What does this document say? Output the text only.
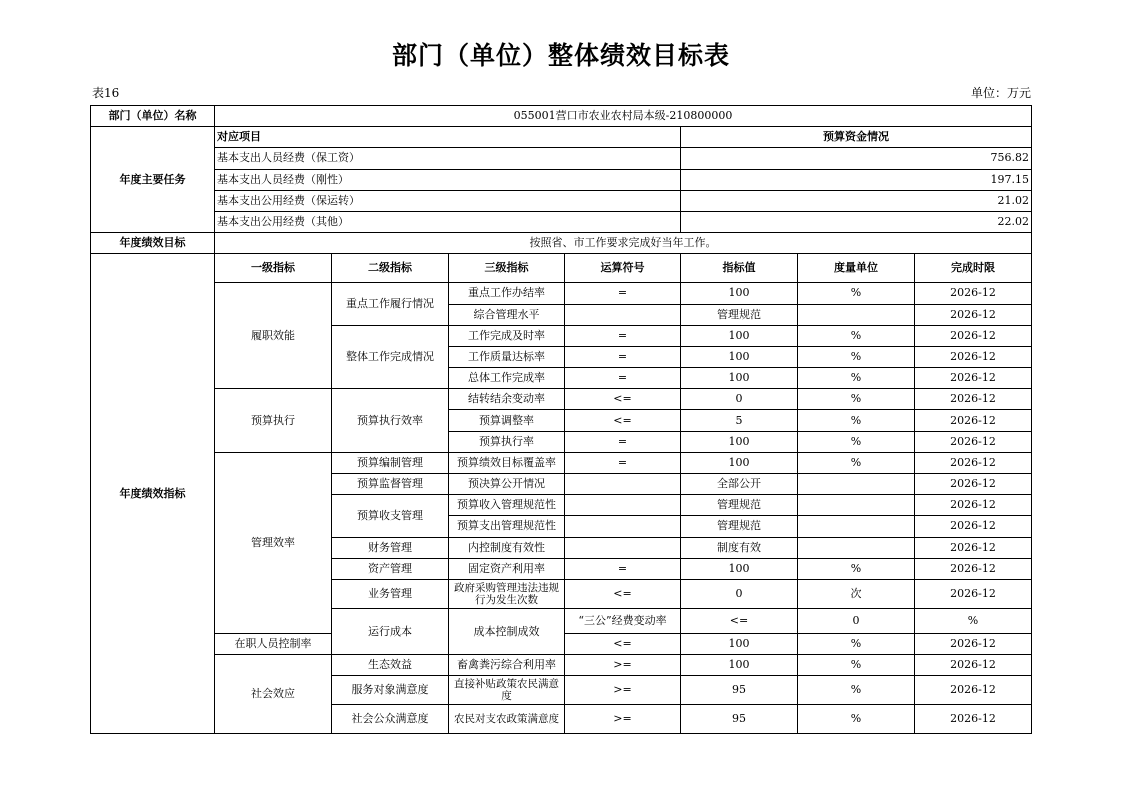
部门（单位）整体绩效目标表
表16	单位：万元
部门（单位）名称	055001营口市农业农村局本级-210800000							
年度主要任务	对应项目				预算资金情况			
	基本支出人员经费（保工资）				756.82			
	基本支出人员经费（刚性）				197.15			
	基本支出公用经费（保运转）				21.02			
	基本支出公用经费（其他）				22.02			
年度绩效目标	按照省、市工作要求完成好当年工作。							
年度绩效指标	一级指标	二级指标	三级指标	运算符号	指标值	度量单位	完成时限	
	履职效能	重点工作履行情况	重点工作办结率	=	100	%	2026-12	
			综合管理水平		管理规范		2026-12	
		整体工作完成情况	工作完成及时率	=	100	%	2026-12	
			工作质量达标率	=	100	%	2026-12	
			总体工作完成率	=	100	%	2026-12	
	预算执行	预算执行效率	结转结余变动率	<=	0	%	2026-12	
			预算调整率	<=	5	%	2026-12	
			预算执行率	=	100	%	2026-12	
	管理效率	预算编制管理	预算绩效目标覆盖率	=	100	%	2026-12	
		预算监督管理	预决算公开情况		全部公开		2026-12	
		预算收支管理	预算收入管理规范性		管理规范		2026-12	
			预算支出管理规范性		管理规范		2026-12	
		财务管理	内控制度有效性		制度有效		2026-12	
		资产管理	固定资产利用率	=	100	%	2026-12	
		业务管理	政府采购管理违法违规行为发生次数	<=	0	次	2026-12	
		运行成本	成本控制成效	“三公”经费变动率	<=	0	%	
	在职人员控制率			<=	100	%	2026-12	
	社会效应	生态效益	畜禽粪污综合利用率	>=	100	%	2026-12	
		服务对象满意度	直接补贴政策农民满意度	>=	95	%	2026-12	
		社会公众满意度	农民对支农政策满意度	>=	95	%	2026-12	
